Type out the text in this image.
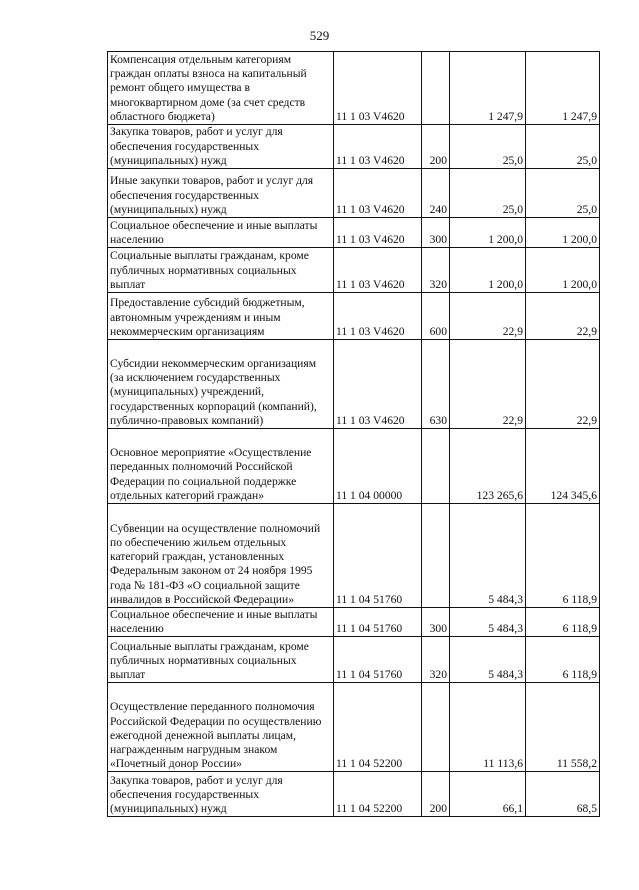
529
Компенсация отдельным категориям граждан оплаты взноса на капитальный ремонт общего имущества в многоквартирном доме (за счет средств областного бюджета)	11 1 03 V4620		1 247,9	1 247,9
Закупка товаров, работ и услуг для обеспечения государственных (муниципальных) нужд	11 1 03 V4620	200	25,0	25,0
Иные закупки товаров, работ и услуг для обеспечения государственных (муниципальных) нужд	11 1 03 V4620	240	25,0	25,0
Социальное обеспечение и иные выплаты населению	11 1 03 V4620	300	1 200,0	1 200,0
Социальные выплаты гражданам, кроме публичных нормативных социальных выплат	11 1 03 V4620	320	1 200,0	1 200,0
Предоставление субсидий бюджетным, автономным учреждениям и иным некоммерческим организациям	11 1 03 V4620	600	22,9	22,9
Субсидии некоммерческим организациям (за исключением государственных (муниципальных) учреждений, государственных корпораций (компаний), публично-правовых компаний)	11 1 03 V4620	630	22,9	22,9
Основное мероприятие «Осуществление переданных полномочий Российской Федерации по социальной поддержке отдельных категорий граждан»	11 1 04 00000		123 265,6	124 345,6
Субвенции на осуществление полномочий по обеспечению жильем отдельных категорий граждан, установленных Федеральным законом от 24 ноября 1995 года № 181-ФЗ «О социальной защите инвалидов в Российской Федерации»	11 1 04 51760		5 484,3	6 118,9
Социальное обеспечение и иные выплаты населению	11 1 04 51760	300	5 484,3	6 118,9
Социальные выплаты гражданам, кроме публичных нормативных социальных выплат	11 1 04 51760	320	5 484,3	6 118,9
Осуществление переданного полномочия Российской Федерации по осуществлению ежегодной денежной выплаты лицам, награжденным нагрудным знаком «Почетный донор России»	11 1 04 52200		11 113,6	11 558,2
Закупка товаров, работ и услуг для обеспечения государственных (муниципальных) нужд	11 1 04 52200	200	66,1	68,5
